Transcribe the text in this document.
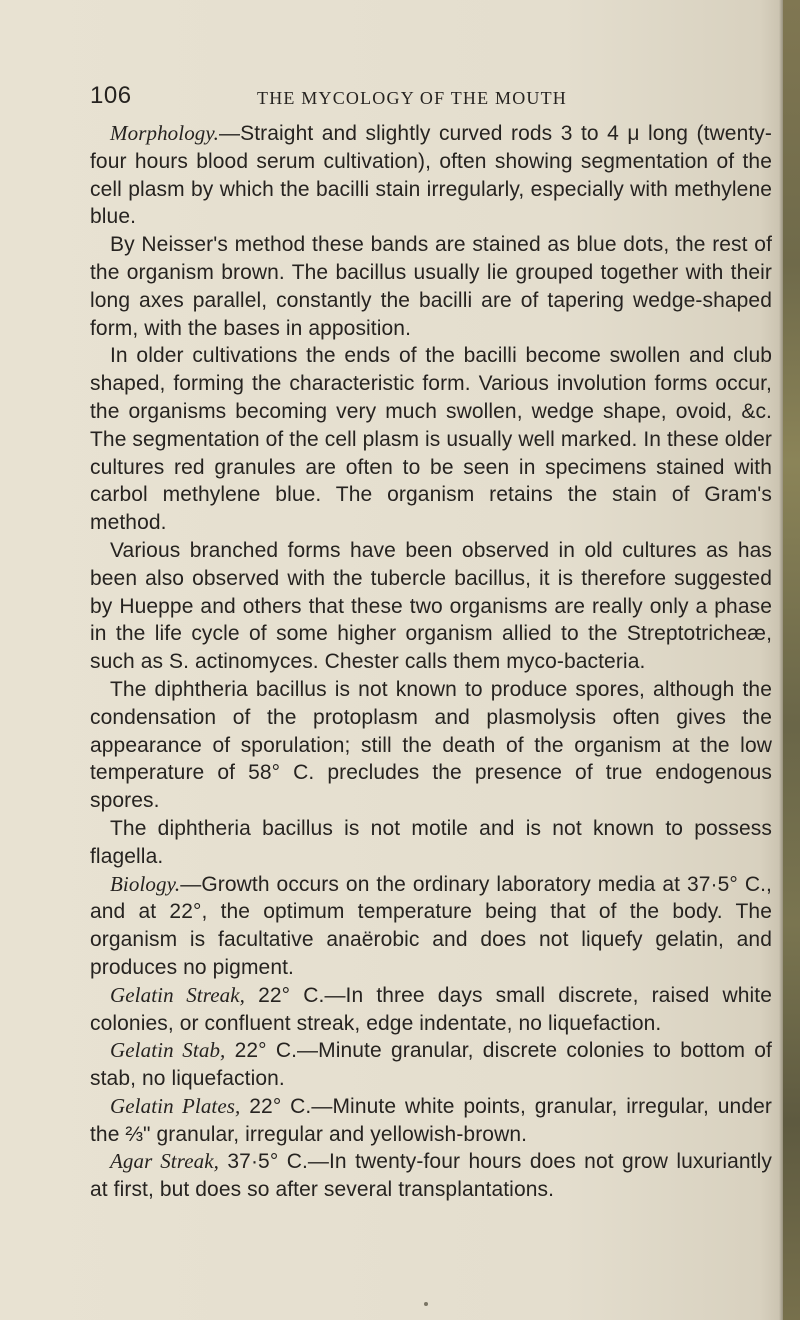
106	THE MYCOLOGY OF THE MOUTH

Morphology.—Straight and slightly curved rods 3 to 4 μ long (twenty-four hours blood serum cultivation), often showing segmentation of the cell plasm by which the bacilli stain irregularly, especially with methylene blue.

By Neisser's method these bands are stained as blue dots, the rest of the organism brown. The bacillus usually lie grouped together with their long axes parallel, constantly the bacilli are of tapering wedge-shaped form, with the bases in apposition.

In older cultivations the ends of the bacilli become swollen and club shaped, forming the characteristic form. Various involution forms occur, the organisms becoming very much swollen, wedge shape, ovoid, &c. The segmentation of the cell plasm is usually well marked. In these older cultures red granules are often to be seen in specimens stained with carbol methylene blue. The organism retains the stain of Gram's method.

Various branched forms have been observed in old cultures as has been also observed with the tubercle bacillus, it is therefore suggested by Hueppe and others that these two organisms are really only a phase in the life cycle of some higher organism allied to the Streptotricheæ, such as S. actinomyces. Chester calls them myco-bacteria.

The diphtheria bacillus is not known to produce spores, although the condensation of the protoplasm and plasmolysis often gives the appearance of sporulation; still the death of the organism at the low temperature of 58° C. precludes the presence of true endogenous spores.

The diphtheria bacillus is not motile and is not known to possess flagella.

Biology.—Growth occurs on the ordinary laboratory media at 37·5° C., and at 22°, the optimum temperature being that of the body. The organism is facultative anaërobic and does not liquefy gelatin, and produces no pigment.

Gelatin Streak, 22° C.—In three days small discrete, raised white colonies, or confluent streak, edge indentate, no liquefaction.

Gelatin Stab, 22° C.—Minute granular, discrete colonies to bottom of stab, no liquefaction.

Gelatin Plates, 22° C.—Minute white points, granular, irregular, under the ⅔" granular, irregular and yellowish-brown.

Agar Streak, 37·5° C.—In twenty-four hours does not grow luxuriantly at first, but does so after several transplantations.
